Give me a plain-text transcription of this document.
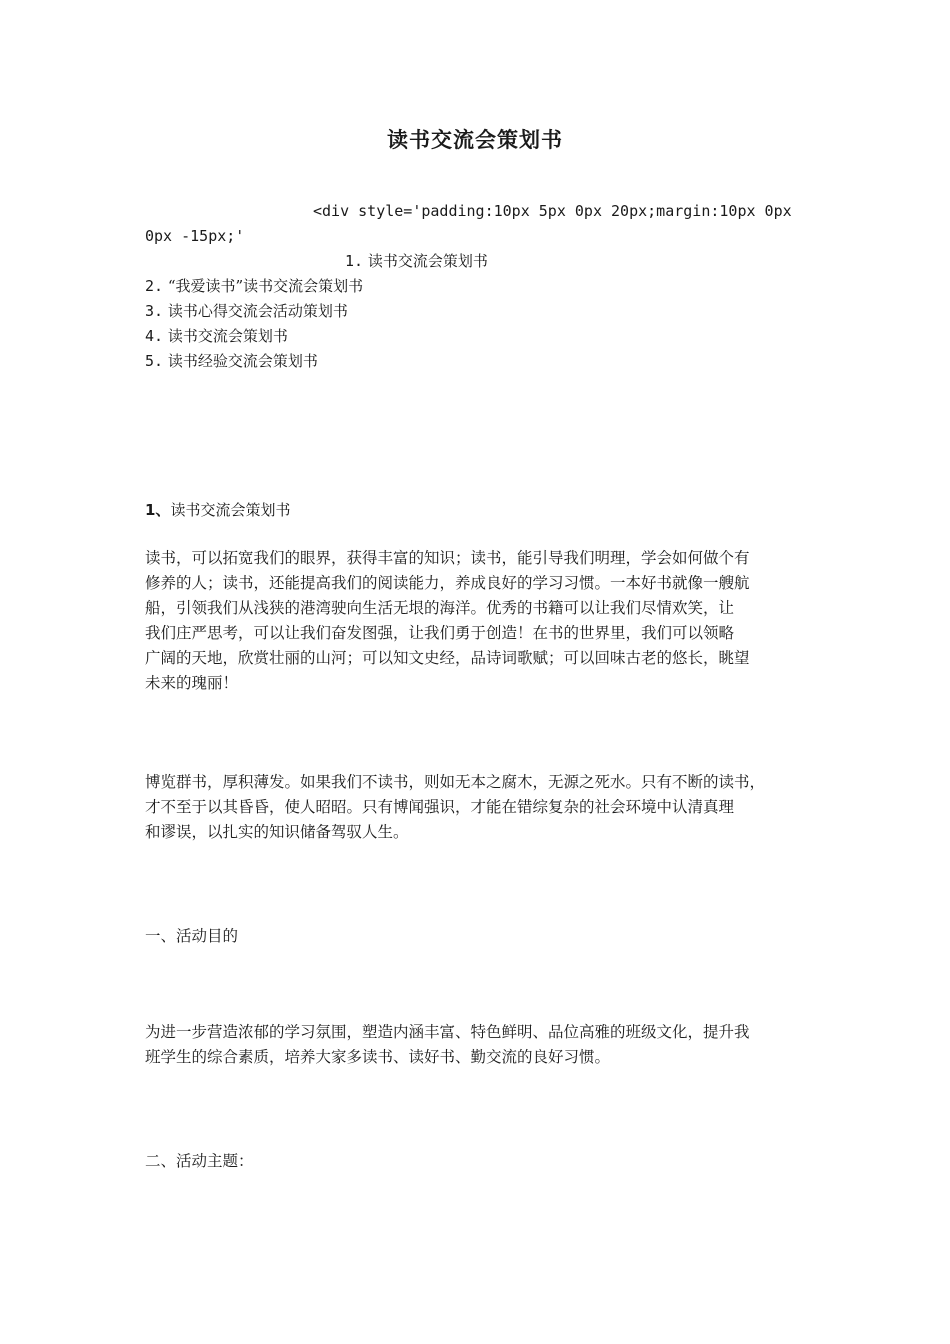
读书交流会策划书
<div style='padding:10px 5px 0px 20px;margin:10px 0px
0px -15px;'
1. 读书交流会策划书
2. “我爱读书”读书交流会策划书
3. 读书心得交流会活动策划书
4. 读书交流会策划书
5. 读书经验交流会策划书
1、读书交流会策划书
读书，可以拓宽我们的眼界，获得丰富的知识；读书，能引导我们明理，学会如何做个有
修养的人；读书，还能提高我们的阅读能力，养成良好的学习习惯。一本好书就像一艘航
船，引领我们从浅狭的港湾驶向生活无垠的海洋。优秀的书籍可以让我们尽情欢笑，让
我们庄严思考，可以让我们奋发图强，让我们勇于创造！在书的世界里，我们可以领略
广阔的天地，欣赏壮丽的山河；可以知文史经，品诗词歌赋；可以回味古老的悠长，眺望
未来的瑰丽！
博览群书，厚积薄发。如果我们不读书，则如无本之腐木，无源之死水。只有不断的读书，
才不至于以其昏昏，使人昭昭。只有博闻强识，才能在错综复杂的社会环境中认清真理
和谬误，以扎实的知识储备驾驭人生。
一、活动目的
为进一步营造浓郁的学习氛围，塑造内涵丰富、特色鲜明、品位高雅的班级文化，提升我
班学生的综合素质，培养大家多读书、读好书、勤交流的良好习惯。
二、活动主题：
